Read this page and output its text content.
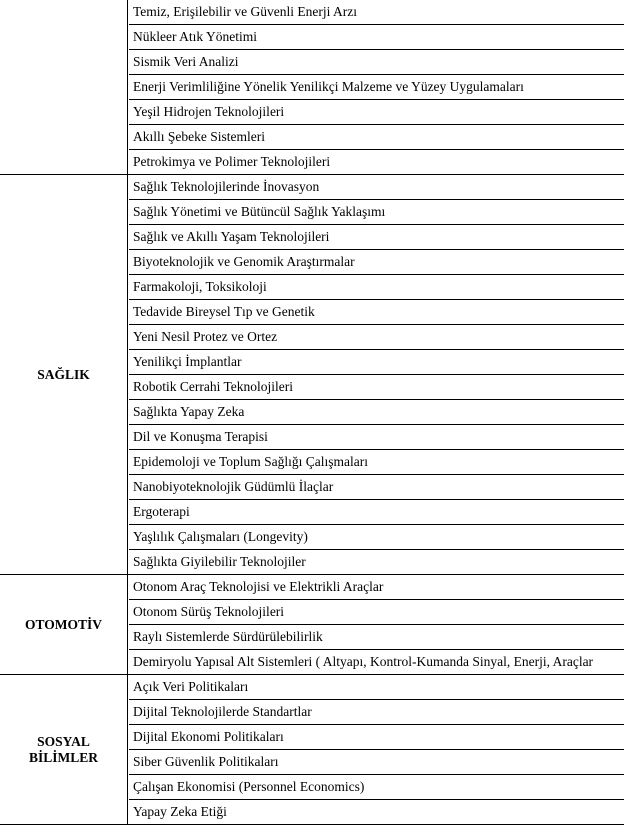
Temiz, Erişilebilir ve Güvenli Enerji Arzı
Nükleer Atık Yönetimi
Sismik Veri Analizi
Enerji Verimliliğine Yönelik Yenilikçi Malzeme ve Yüzey Uygulamaları
Yeşil Hidrojen Teknolojileri
Akıllı Şebeke Sistemleri
Petrokimya ve Polimer Teknolojileri
SAĞLIK
Sağlık Teknolojilerinde İnovasyon
Sağlık Yönetimi ve Bütüncül Sağlık Yaklaşımı
Sağlık ve Akıllı Yaşam Teknolojileri
Biyoteknolojik ve Genomik Araştırmalar
Farmakoloji, Toksikoloji
Tedavide Bireysel Tıp ve Genetik
Yeni Nesil Protez ve Ortez
Yenilikçi İmplantlar
Robotik Cerrahi Teknolojileri
Sağlıkta Yapay Zeka
Dil ve Konuşma Terapisi
Epidemoloji ve Toplum Sağlığı Çalışmaları
Nanobiyoteknolojik Güdümlü İlaçlar
Ergoterapi
Yaşlılık Çalışmaları (Longevity)
Sağlıkta Giyilebilir Teknolojiler
OTOMOTİV
Otonom Araç Teknolojisi ve Elektrikli Araçlar
Otonom Sürüş Teknolojileri
Raylı Sistemlerde Sürdürülebilirlik
Demiryolu Yapısal Alt Sistemleri ( Altyapı, Kontrol-Kumanda Sinyal, Enerji, Araçlar
SOSYAL
BİLİMLER
Açık Veri Politikaları
Dijital Teknolojilerde Standartlar
Dijital Ekonomi Politikaları
Siber Güvenlik Politikaları
Çalışan Ekonomisi (Personnel Economics)
Yapay Zeka Etiği
